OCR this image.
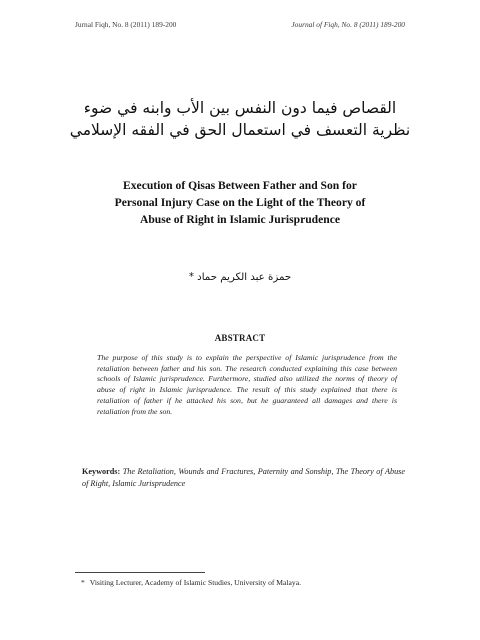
Jurnal Fiqh, No. 8 (2011) 189-200	Journal of Fiqh, No. 8 (2011) 189-200
القصاص فيما دون النفس بين الأب وابنه في ضوء
نظرية التعسف في استعمال الحق في الفقه الإسلامي
Execution of Qisas Between Father and Son for
Personal Injury Case on the Light of the Theory of
Abuse of Right in Islamic Jurisprudence
حمزة عبد الكريم حماد *
ABSTRACT
The purpose of this study is to explain the perspective of Islamic jurisprudence from the retaliation between father and his son. The research conducted explaining this case between schools of Islamic jurisprudence. Furthermore, studied also utilized the norms of theory of abuse of right in Islamic jurisprudence. The result of this study explained that there is retaliation of father if he attacked his son, but he guaranteed all damages and there is retaliation from the son.
Keywords: The Retaliation, Wounds and Fractures, Paternity and Sonship, The Theory of Abuse of Right, Islamic Jurisprudence
* Visiting Lecturer, Academy of Islamic Studies, University of Malaya.
